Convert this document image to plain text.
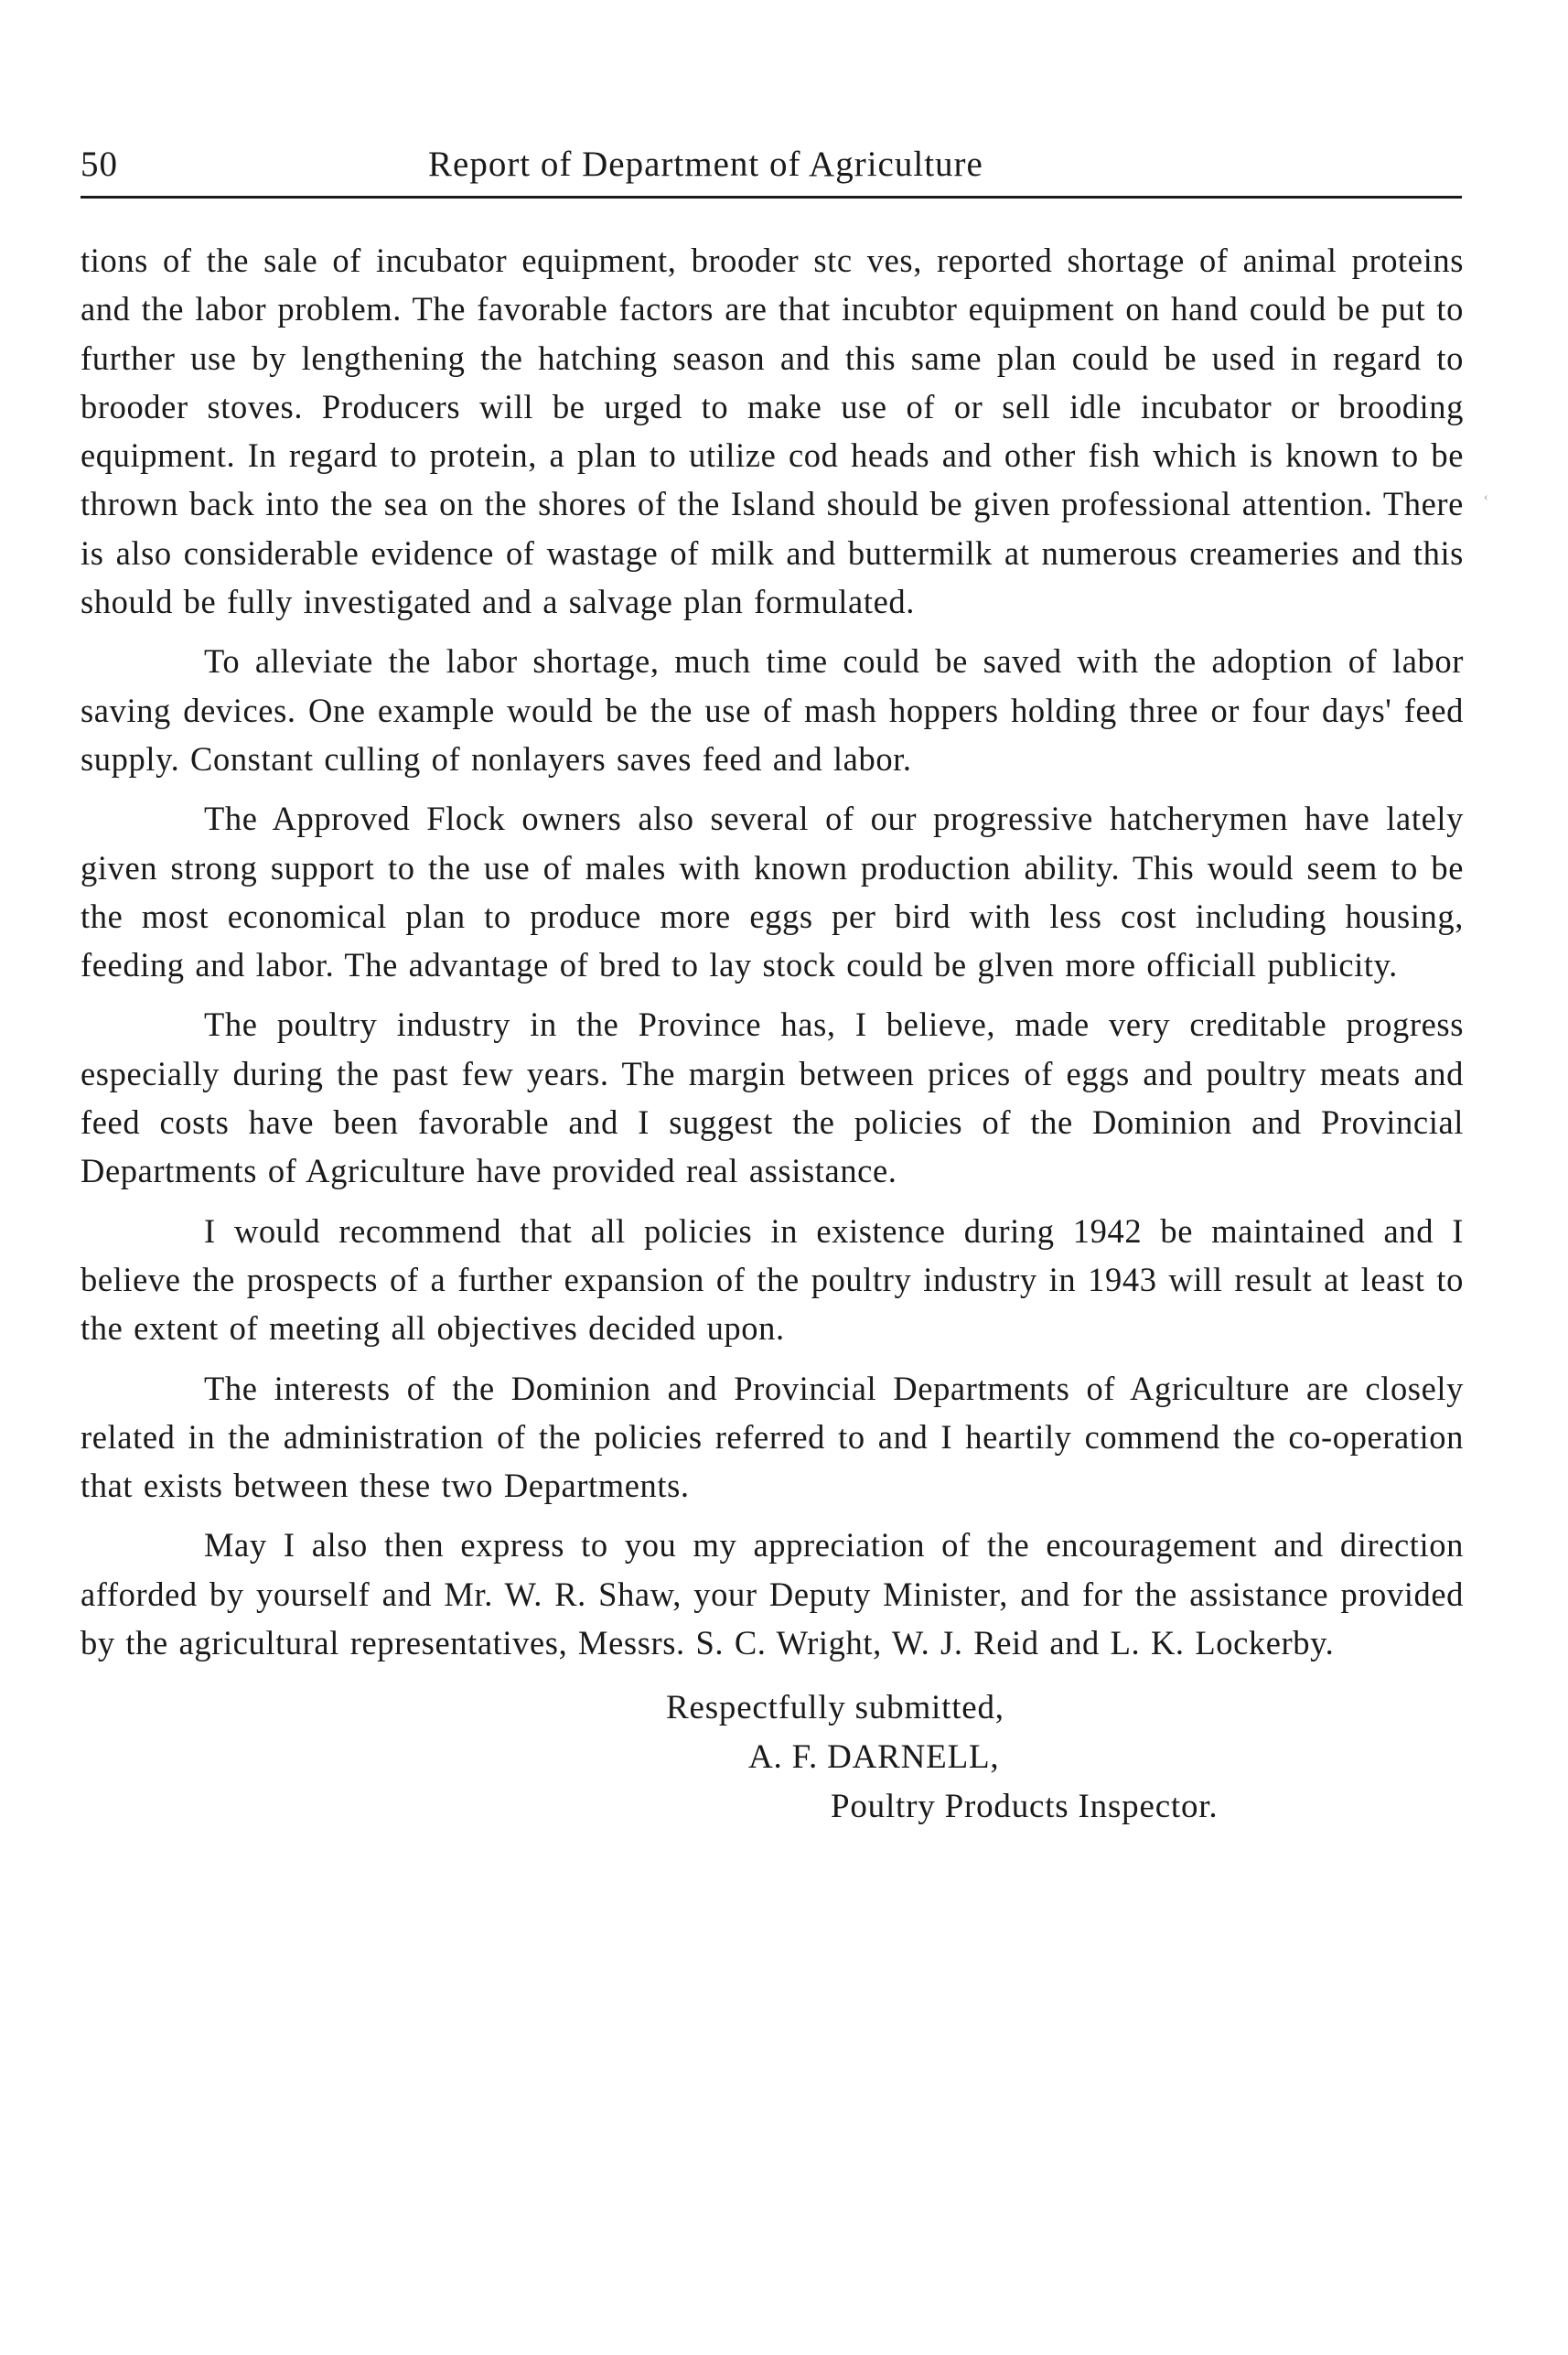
50	Report of Department of Agriculture

tions of the sale of incubator equipment, brooder stc ves, reported shortage of animal proteins and the labor problem. The favorable factors are that incubtor equipment on hand could be put to further use by lengthening the hatching season and this same plan could be used in regard to brooder stoves. Producers will be urged to make use of or sell idle incubator or brooding equipment. In regard to protein, a plan to utilize cod heads and other fish which is known to be thrown back into the sea on the shores of the Island should be given professional attention. There is also considerable evidence of wastage of milk and buttermilk at numerous creameries and this should be fully investigated and a salvage plan formulated.

To alleviate the labor shortage, much time could be saved with the adoption of labor saving devices. One example would be the use of mash hoppers holding three or four days' feed supply. Constant culling of nonlayers saves feed and labor.

The Approved Flock owners also several of our progressive hatcherymen have lately given strong support to the use of males with known production ability. This would seem to be the most economical plan to produce more eggs per bird with less cost including housing, feeding and labor. The advantage of bred to lay stock could be glven more officiall publicity.

The poultry industry in the Province has, I believe, made very creditable progress especially during the past few years. The margin between prices of eggs and poultry meats and feed costs have been favorable and I suggest the policies of the Dominion and Provincial Departments of Agriculture have provided real assistance.

I would recommend that all policies in existence during 1942 be maintained and I believe the prospects of a further expansion of the poultry industry in 1943 will result at least to the extent of meeting all objectives decided upon.

The interests of the Dominion and Provincial Departments of Agriculture are closely related in the administration of the policies referred to and I heartily commend the co-operation that exists between these two Departments.

May I also then express to you my appreciation of the encouragement and direction afforded by yourself and Mr. W. R. Shaw, your Deputy Minister, and for the assistance provided by the agricultural representatives, Messrs. S. C. Wright, W. J. Reid and L. K. Lockerby.

Respectfully submitted,
A. F. DARNELL,
Poultry Products Inspector.
‹
